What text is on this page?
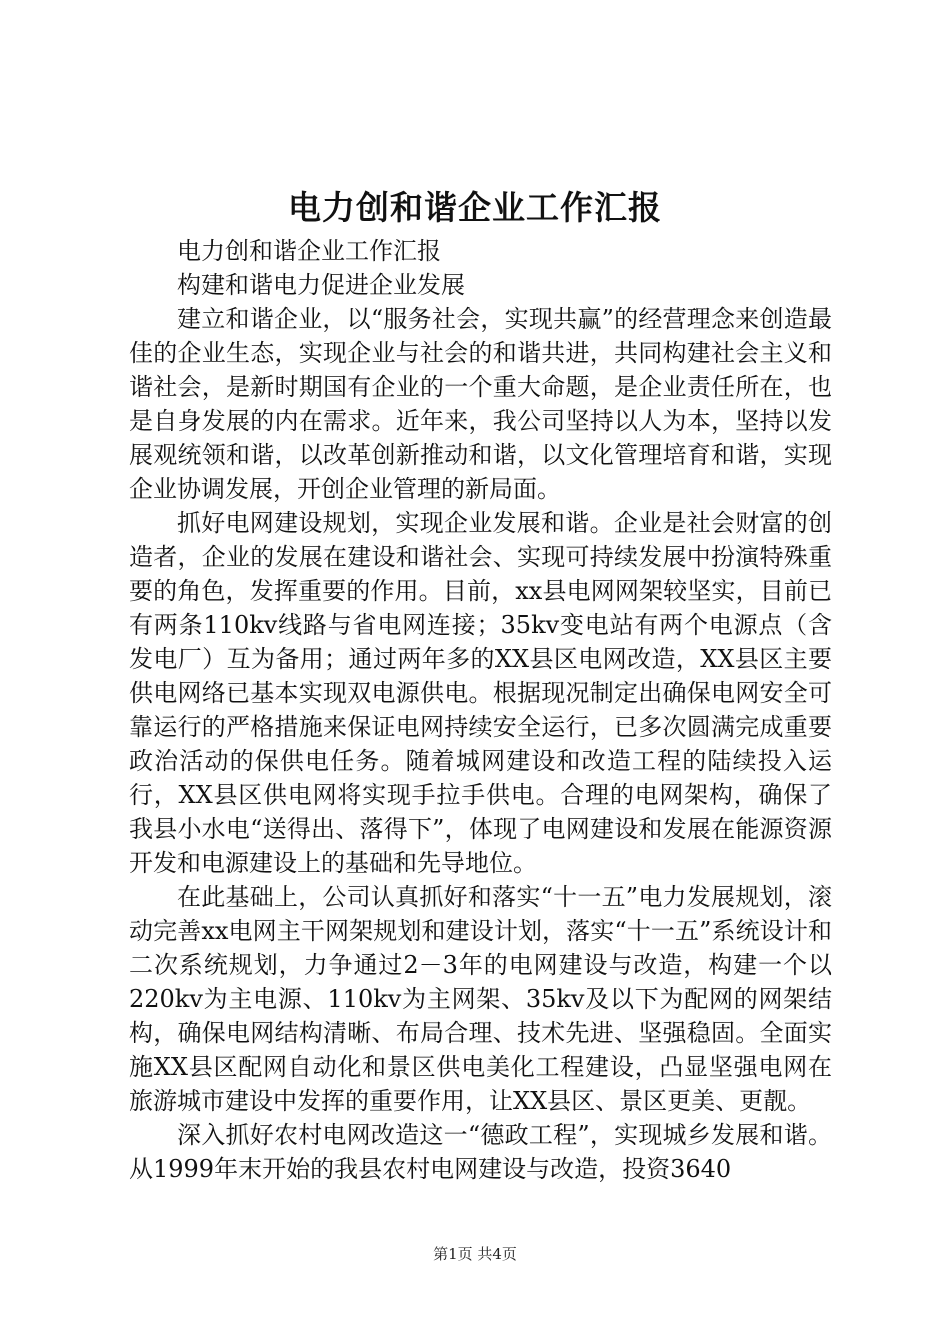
电力创和谐企业工作汇报

电力创和谐企业工作汇报

构建和谐电力促进企业发展

建立和谐企业，以“服务社会，实现共赢”的经营理念来创造最佳的企业生态，实现企业与社会的和谐共进，共同构建社会主义和谐社会，是新时期国有企业的一个重大命题，是企业责任所在，也是自身发展的内在需求。近年来，我公司坚持以人为本，坚持以发展观统领和谐，以改革创新推动和谐，以文化管理培育和谐，实现企业协调发展，开创企业管理的新局面。

抓好电网建设规划，实现企业发展和谐。企业是社会财富的创造者，企业的发展在建设和谐社会、实现可持续发展中扮演特殊重要的角色，发挥重要的作用。目前，xx县电网网架较坚实，目前已有两条110kv线路与省电网连接；35kv变电站有两个电源点（含发电厂）互为备用；通过两年多的XX县区电网改造，XX县区主要供电网络已基本实现双电源供电。根据现况制定出确保电网安全可靠运行的严格措施来保证电网持续安全运行，已多次圆满完成重要政治活动的保供电任务。随着城网建设和改造工程的陆续投入运行，XX县区供电网将实现手拉手供电。合理的电网架构，确保了我县小水电“送得出、落得下”，体现了电网建设和发展在能源资源开发和电源建设上的基础和先导地位。

在此基础上，公司认真抓好和落实“十一五”电力发展规划，滚动完善xx电网主干网架规划和建设计划，落实“十一五”系统设计和二次系统规划，力争通过2－3年的电网建设与改造，构建一个以220kv为主电源、110kv为主网架、35kv及以下为配网的网架结构，确保电网结构清晰、布局合理、技术先进、坚强稳固。全面实施XX县区配网自动化和景区供电美化工程建设，凸显坚强电网在旅游城市建设中发挥的重要作用，让XX县区、景区更美、更靓。

深入抓好农村电网改造这一“德政工程”，实现城乡发展和谐。从1999年末开始的我县农村电网建设与改造，投资3640

第1页 共4页
